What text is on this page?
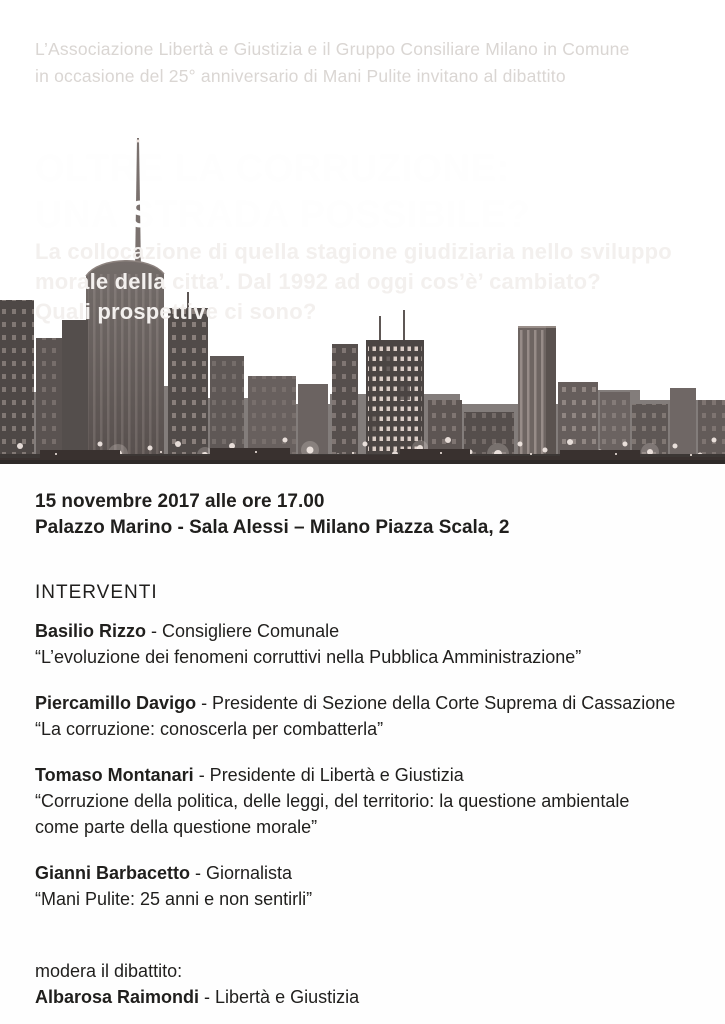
L’Associazione Libertà e Giustizia e il Gruppo Consiliare Milano in Comune
in occasione del 25° anniversario di Mani Pulite invitano al dibattito
OLTRE LA CORRUZIONE:
UNA STRADA POSSIBILE?
La collocazione di quella stagione giudiziaria nello sviluppo
morale della citta’. Dal 1992 ad oggi cos’è’ cambiato?
Quali prospettive ci sono?
15 novembre 2017 alle ore 17.00
Palazzo Marino - Sala Alessi – Milano Piazza Scala, 2
INTERVENTI
Basilio Rizzo - Consigliere Comunale
“L’evoluzione dei fenomeni corruttivi nella Pubblica Amministrazione”
Piercamillo Davigo - Presidente di Sezione della Corte Suprema di Cassazione
“La corruzione: conoscerla per combatterla”
Tomaso Montanari - Presidente di Libertà e Giustizia
“Corruzione della politica, delle leggi, del territorio: la questione ambientale
come parte della questione morale”
Gianni Barbacetto - Giornalista
“Mani Pulite: 25 anni e non sentirli”
modera il dibattito:
Albarosa Raimondi - Libertà e Giustizia
